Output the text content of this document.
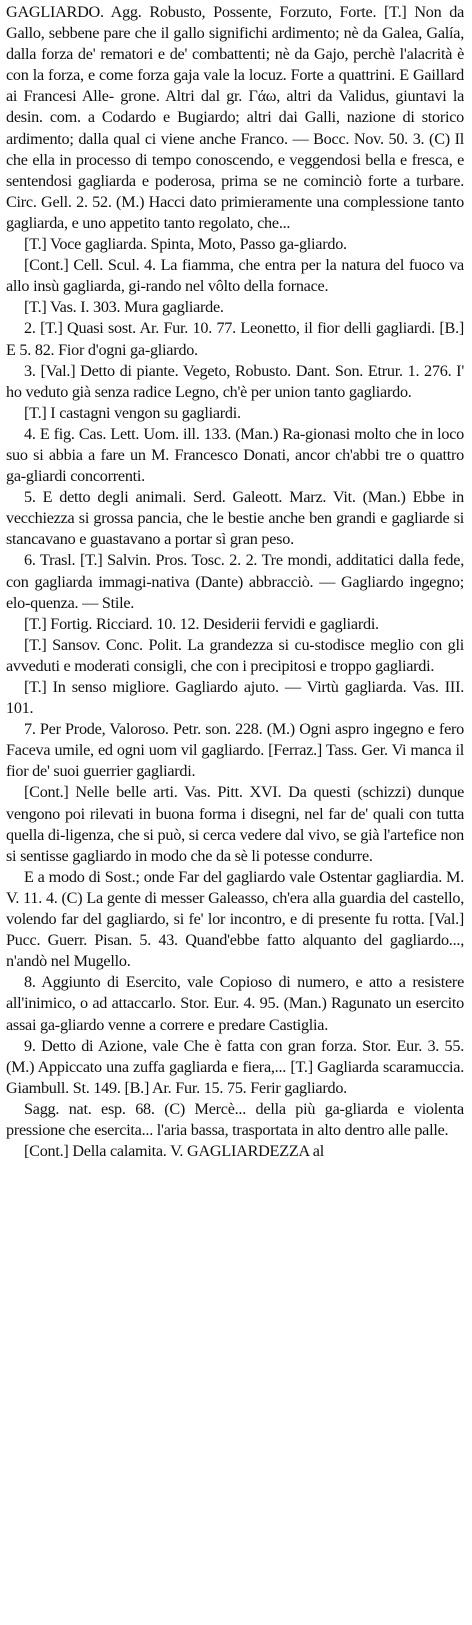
GAGLIARDO. Agg. Robusto, Possente, Forzuto, Forte. [T.] Non da Gallo, sebbene pare che il gallo significhi ardimento; nè da Galea, Galía, dalla forza de' rematori e de' combattenti; nè da Gajo, perchè l'alacrità è con la forza, e come forza gaja vale la locuz. Forte a quattrini. E Gaillard ai Francesi Alle- grone. Altri dal gr. Γάω, altri da Validus, giuntavi la desin. com. a Codardo e Bugiardo; altri dai Galli, nazione di storico ardimento; dalla qual ci viene anche Franco. — Bocc. Nov. 50. 3. (C) Il che ella in processo di tempo conoscendo, e veggendosi bella e fresca, e sentendosi gagliarda e poderosa, prima se ne cominciò forte a turbare. Circ. Gell. 2. 52. (M.) Hacci dato primieramente una complessione tanto gagliarda, e uno appetito tanto regolato, che...

[T.] Voce gagliarda. Spinta, Moto, Passo ga-gliardo.

[Cont.] Cell. Scul. 4. La fiamma, che entra per la natura del fuoco va allo insù gagliarda, gi-rando nel vôlto della fornace.

[T.] Vas. I. 303. Mura gagliarde.

2. [T.] Quasi sost. Ar. Fur. 10. 77. Leonetto, il fior delli gagliardi. [B.] E 5. 82. Fior d'ogni ga-gliardo.

3. [Val.] Detto di piante. Vegeto, Robusto. Dant. Son. Etrur. 1. 276. I' ho veduto già senza radice Legno, ch'è per union tanto gagliardo.

[T.] I castagni vengon su gagliardi.

4. E fig. Cas. Lett. Uom. ill. 133. (Man.) Ra-gionasi molto che in loco suo si abbia a fare un M. Francesco Donati, ancor ch'abbi tre o quattro ga-gliardi concorrenti.

5. E detto degli animali. Serd. Galeott. Marz. Vit. (Man.) Ebbe in vecchiezza si grossa pancia, che le bestie anche ben grandi e gagliarde si stancavano e guastavano a portar sì gran peso.

6. Trasl. [T.] Salvin. Pros. Tosc. 2. 2. Tre mondi, additatici dalla fede, con gagliarda immagi-nativa (Dante) abbracciò. — Gagliardo ingegno; elo-quenza. — Stile.

[T.] Fortig. Ricciard. 10. 12. Desiderii fervidi e gagliardi.

[T.] Sansov. Conc. Polit. La grandezza si cu-stodisce meglio con gli avveduti e moderati consigli, che con i precipitosi e troppo gagliardi.

[T.] In senso migliore. Gagliardo ajuto. — Virtù gagliarda. Vas. III. 101.

7. Per Prode, Valoroso. Petr. son. 228. (M.) Ogni aspro ingegno e fero Faceva umile, ed ogni uom vil gagliardo. [Ferraz.] Tass. Ger. Vi manca il fior de' suoi guerrier gagliardi.

[Cont.] Nelle belle arti. Vas. Pitt. XVI. Da questi (schizzi) dunque vengono poi rilevati in buona forma i disegni, nel far de' quali con tutta quella di-ligenza, che si può, si cerca vedere dal vivo, se già l'artefice non si sentisse gagliardo in modo che da sè li potesse condurre.

E a modo di Sost.; onde Far del gagliardo vale Ostentar gagliardia. M. V. 11. 4. (C) La gente di messer Galeasso, ch'era alla guardia del castello, volendo far del gagliardo, si fe' lor incontro, e di presente fu rotta. [Val.] Pucc. Guerr. Pisan. 5. 43. Quand'ebbe fatto alquanto del gagliardo..., n'andò nel Mugello.

8. Aggiunto di Esercito, vale Copioso di numero, e atto a resistere all'inimico, o ad attaccarlo. Stor. Eur. 4. 95. (Man.) Ragunato un esercito assai ga-gliardo venne a correre e predare Castiglia.

9. Detto di Azione, vale Che è fatta con gran forza. Stor. Eur. 3. 55. (M.) Appiccato una zuffa gagliarda e fiera,... [T.] Gagliarda scaramuccia. Giambull. St. 149. [B.] Ar. Fur. 15. 75. Ferir gagliardo.

Sagg. nat. esp. 68. (C) Mercè... della più ga-gliarda e violenta pressione che esercita... l'aria bassa, trasportata in alto dentro alle palle.

[Cont.] Della calamita. V. GAGLIARDEZZA al
